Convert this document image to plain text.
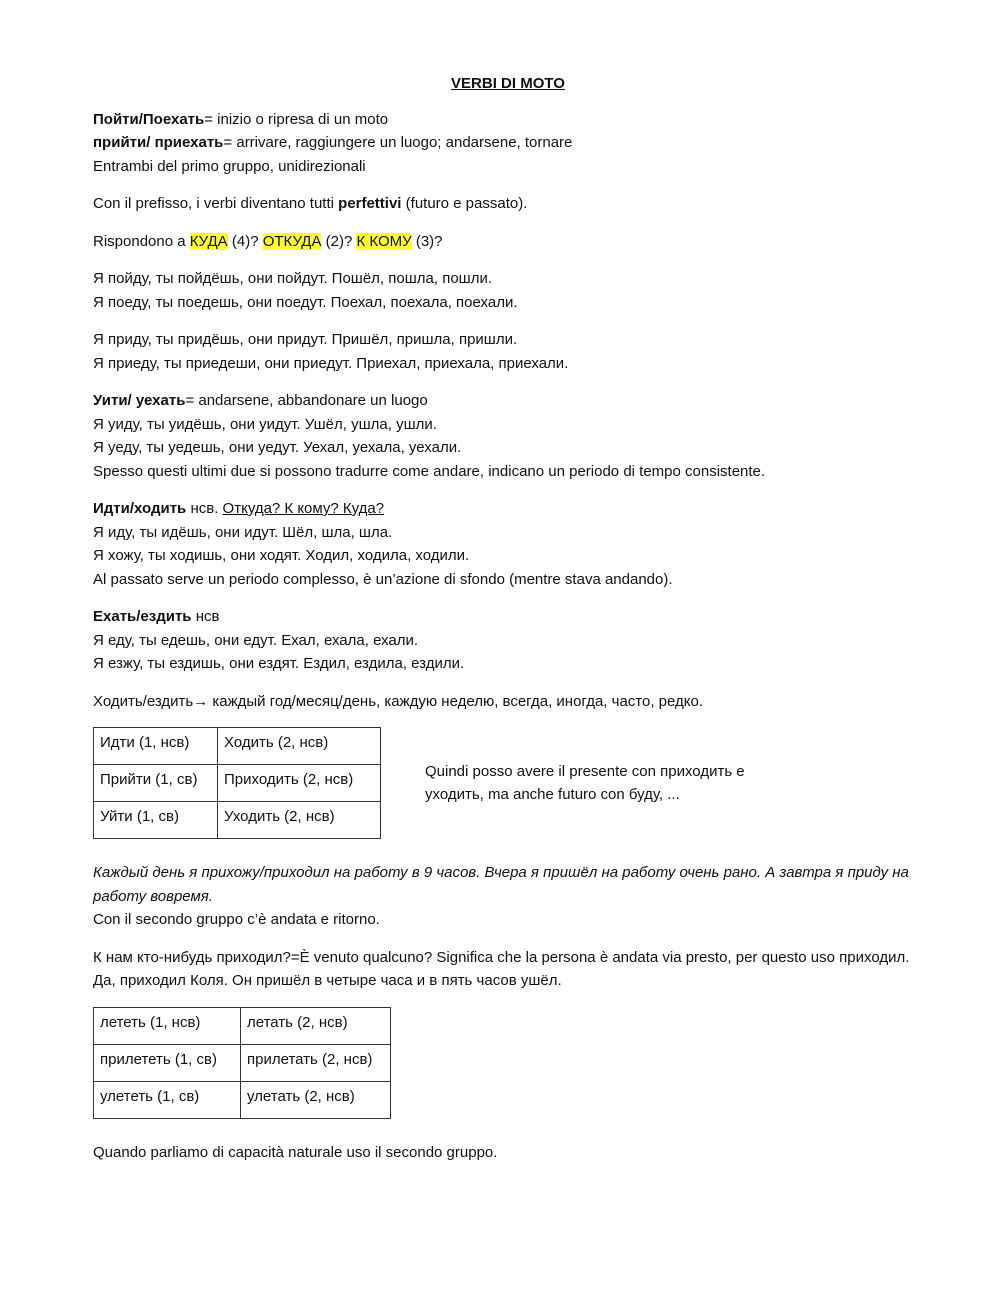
VERBI DI MOTO

Пойти/Поехать= inizio o ripresa di un moto

прийти/ приехать= arrivare, raggiungere un luogo; andarsene, tornare

Entrambi del primo gruppo, unidirezionali

Con il prefisso, i verbi diventano tutti perfettivi (futuro e passato).

Rispondono a КУДА (4)? ОТКУДА (2)? К КОМУ (3)?

Я пойду, ты пойдёшь, они пойдут. Пошёл, пошла, пошли.

Я поеду, ты поедешь, они поедут. Поехал, поехала, поехали.

Я приду, ты придёшь, они придут. Пришёл, пришла, пришли.

Я приеду, ты приедеши, они приедут. Приехал, приехала, приехали.

Уити/ уехать= andarsene, abbandonare un luogo

Я уиду, ты уидёшь, они уидут. Ушёл, ушла, ушли.

Я уеду, ты уедешь, они уедут. Уехал, уехала, уехали.

Spesso questi ultimi due si possono tradurre come andare, indicano un periodo di tempo consistente.

Идти/ходить нсв. Откуда? К кому? Куда?

Я иду, ты идёшь, они идут. Шёл, шла, шла.

Я хожу, ты ходишь, они ходят. Ходил, ходила, ходили.

Al passato serve un periodo complesso, è un’azione di sfondo (mentre stava andando).

Ехать/ездить нсв

Я еду, ты едешь, они едут. Ехал, ехала, ехали.

Я езжу, ты ездишь, они ездят. Ездил, ездила, ездили.

Ходить/ездить→ каждый год/месяц/день, каждую неделю, всегда, иногда, часто, редко.

Идти (1, нсв)	Ходить (2, нсв)
Прийти (1, св)	Приходить (2, нсв)
Уйти (1, св)	Уходить (2, нсв)

Quindi posso avere il presente con приходить e

уходить, ma anche futuro con буду, ...

Каждый день я прихожу/приходил на работу в 9 часов. Вчера я пришёл на работу очень рано. А завтра я приду на работу вовремя.

Con il secondo gruppo c’è andata e ritorno.

К нам кто-нибудь приходил?=È venuto qualcuno? Significa che la persona è andata via presto, per questo uso приходил.

Да, приходил Коля. Он пришёл в четыре часа и в пять часов ушёл.

лететь (1, нсв)	летать (2, нсв)
прилететь (1, св)	прилетать (2, нсв)
улететь (1, св)	улетать (2, нсв)

Quando parliamo di capacità naturale uso il secondo gruppo.
